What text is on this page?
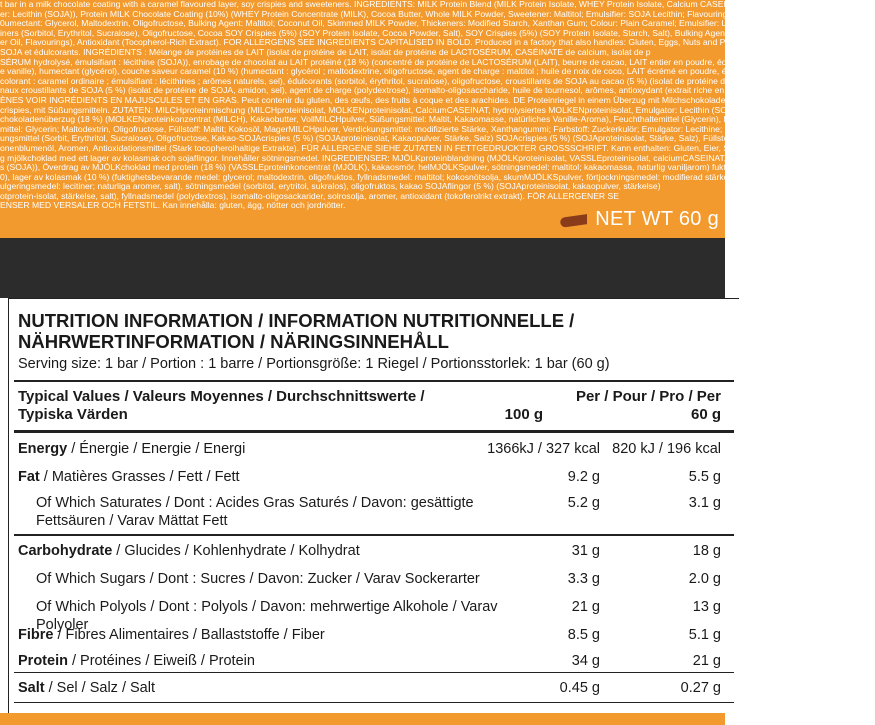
t bar in a milk chocolate coating with a caramel flavoured layer, soy crispies and sweeteners. INGREDIENTS: MILK Protein Blend (MILK Protein Isolate, WHEY Protein Isolate, Calcium CASEINATE, Hydrolysed WHEY Pr
er: Lecithin (SOJA)), Protein MILK Chocolate Coating (10%) (WHEY Protein Concentrate (MILK), Cocoa Butter, Whole MILK Powder, Sweetener: Maltitol; Emulsifier: SOJA Lecithin; Flavouring), Humectant (Glycerol), Caram
0umectant: Glycerol, Maltodextrin, Oligofructose, Bulking Agent: Maltitol; Coconut Oil, Skimmed MILK Powder, Thickeners: Modified Starch, Xanthan Gum; Colour: Plain Caramel; Emulsifier: Lecithins; Natural Flavou
iners (Sorbitol, Erythritol, Sucralose), Oligofructose, Cocoa SOY Crispies (5%) (SOY Protein Isolate, Cocoa Powder, Salt), SOY Crispies (5%) (SOY Protein Isolate, Starch, Salt), Bulking Agent (Polydextrose), I
er Oil, Flavourings), Antioxidant (Tocopherol-Rich Extract). FOR ALLERGENS SEE INGREDIENTS CAPITALISED IN BOLD. Produced in a factory that also handles: Gluten, Eggs, Nuts and Peanuts. FR Barre protéinée f
SOJA et édulcorants. INGRÉDIENTS : Mélange de protéines de LAIT (isolat de protéine de LAIT, isolat de protéine de LACTOSÉRUM, CASÉINATE de calcium, isolat de p
SÉRUM hydrolysé, émulsifiant : lécithine (SOJA)), enrobage de chocolat au LAIT protéiné (18 %) (concentré de protéine de LACTOSÉRUM (LAIT), beurre de cacao, LAIT entier en poudre, édulcorant : maltitol ; mélange de s
e vanille), humectant (glycérol), couche saveur caramel (10 %) (humectant : glycérol ; maltodextrine, oligofructose, agent de charge : maltitol ; huile de noix de coco, LAIT écrémé en poudre, épaississants : amidon modifi
colorant : caramel ordinaire ; émulsifiant : lécithines ; arômes naturels, sel), édulcorants (sorbitol, érythritol, sucralose), oligofructose, croustillants de SOJA au cacao (5 %) (isolat de protéine de SOJA, cacao en poud
naux croustillants de SOJA (5 %) (isolat de protéine de SOJA, amidon, sel), agent de charge (polydextrose), isomalto-oligosaccharide, huile de tournesol, arômes, antioxydant (extrait riche en tocophérols). POUR
ÈNES VOIR INGRÉDIENTS EN MAJUSCULES ET EN GRAS. Peut contenir du gluten, des œufs, des fruits à coque et des arachides. DE Proteinriegel in einem Überzug mit Milchschokolade und einer Füllung mit Karamell
crispies, mit Süßungsmitteln. ZUTATEN: MILCHproteinmischung (MILCHproteinisolat, MOLKENproteinisolat, CalciumCASEINAT, hydrolysiertes MOLKENproteinisolat, Emulgator: Lecithin (SOJA)), Protein-M
chokoladenüberzug (18 %) (MOLKENproteinkonzentrat (MILCH), Kakaobutter, VollMILCHpulver, Süßungsmittel: Maltit, Kakaomasse, natürliches Vanille-Aroma), Feuchthaltemittel (Glycerin), Füllung mit Karamellgeschm
mittel: Glycerin; Maltodextrin, Oligofructose, Füllstoff: Maltit; Kokosöl, MagerMILCHpulver, Verdickungsmittel: modifizierte Stärke, Xanthangummi; Farbstoff: Zuckerkulör; Emulgator: Lecithine; natürliches Aroma, Sal
ungsmittel (Sorbit, Erythritol, Sucralose), Oligofructose, Kakao-SOJAcrispies (5 %) (SOJAproteinisolat, Kakaopulver, Stärke, Salz) SOJAcrispies (5 %) (SOJAproteinisolat, Stärke, Salz), Füllstoff (Polydextrose), Isomalto-Oligo
onenblumenöl, Aromen, Antioxidationsmittel (Stark tocopherolhaltige Extrakte). FÜR ALLERGENE SIEHE ZUTATEN IN FETTGEDRUCKTER GROSSSCHRIFT. Kann enthalten: Gluten, Eier, Schalenfrüchte und Erdnüsse. SV Prote
g mjölkchoklad med ett lager av kolasmak och sojaflingor. Innehåller sötningsmedel. INGREDIENSER: MJÖLKproteinblandning (MJÖLKproteinisolat, VASSLEproteinisolat, calciumCASEINAT, hydrolyserat VASSLEproteinis
s (SOJA)), Överdrag av MJÖLKchoklad med protein (18 %) (VASSLEproteinkoncentrat (MJÖLK), kakaosmör, helMJÖLKSpulver, sötningsmedel: maltitol; kakaomassa, naturlig vaniljarom) fuktighetsbevarande medel (glyce
0), lager av kolasmak (10 %) (fuktighetsbevarande medel: glycerol; maltodextrin, oligofruktos, fyllnadsmedel: maltitol; kokosnötsolja, skumMJÖLKSpulver, förtjockningsmedel: modifierad stärkelse, xantangummi; färgämnen
ulgeringsmedel: lecitiner; naturliga aromer, salt), sötningsmedel (sorbitol, erytritol, sukralos), oligofruktos, kakao SOJAflingor (5 %) (SOJAproteinisolat, kakaopulver, stärkelse)
otprotein-isolat, stärkelse, salt), fyllnadsmedel (polydextros), isomalto-oligosackarider, solrosolja, aromer, antioxidant (tokoferolrikt extrakt). FÖR ALLERGENER SE
ENSER MED VERSALER OCH FETSTIL. Kan innehålla: gluten, ägg, nötter och jordnötter.
NET WT 60 g
NUTRITION INFORMATION / INFORMATION NUTRITIONNELLE /
NÄHRWERTINFORMATION / NÄRINGSINNEHÅLL
Serving size: 1 bar / Portion : 1 barre / Portionsgröße: 1 Riegel / Portionsstorlek: 1 bar (60 g)
Typical Values / Valeurs Moyennes / Durchschnittswerte /
Typiska Värden
Per / Pour / Pro / Per
100 g	60 g
Energy / Énergie / Energie / Energi	1366kJ / 327 kcal 820 kJ / 196 kcal
Fat / Matières Grasses / Fett / Fett	9.2 g	5.5 g
Of Which Saturates / Dont : Acides Gras Saturés / Davon: gesättigte Fettsäuren / Varav Mättat Fett
5.2 g	3.1 g
Carbohydrate / Glucides / Kohlenhydrate / Kolhydrat	31 g	18 g
Of Which Sugars / Dont : Sucres / Davon: Zucker / Varav Sockerarter	3.3 g	2.0 g
Of Which Polyols / Dont : Polyols / Davon: mehrwertige Alkohole / Varav Polyoler
21 g	13 g
Fibre / Fibres Alimentaires / Ballaststoffe / Fiber	8.5 g	5.1 g
Protein / Protéines / Eiweiß / Protein	34 g	21 g
Salt / Sel / Salz / Salt	0.45 g	0.27 g
